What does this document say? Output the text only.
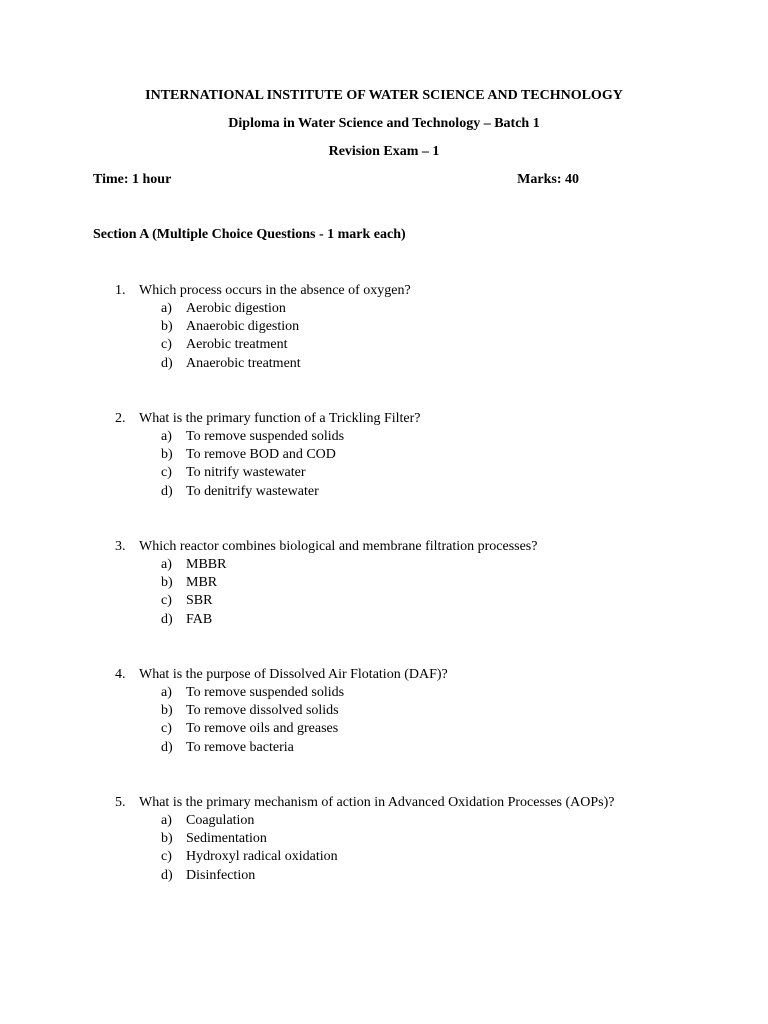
INTERNATIONAL INSTITUTE OF WATER SCIENCE AND TECHNOLOGY
Diploma in Water Science and Technology – Batch 1
Revision Exam – 1
Time: 1 hour	Marks: 40
Section A (Multiple Choice Questions - 1 mark each)
1. Which process occurs in the absence of oxygen?
a) Aerobic digestion
b) Anaerobic digestion
c) Aerobic treatment
d) Anaerobic treatment
2. What is the primary function of a Trickling Filter?
a) To remove suspended solids
b) To remove BOD and COD
c) To nitrify wastewater
d) To denitrify wastewater
3. Which reactor combines biological and membrane filtration processes?
a) MBBR
b) MBR
c) SBR
d) FAB
4. What is the purpose of Dissolved Air Flotation (DAF)?
a) To remove suspended solids
b) To remove dissolved solids
c) To remove oils and greases
d) To remove bacteria
5. What is the primary mechanism of action in Advanced Oxidation Processes (AOPs)?
a) Coagulation
b) Sedimentation
c) Hydroxyl radical oxidation
d) Disinfection
